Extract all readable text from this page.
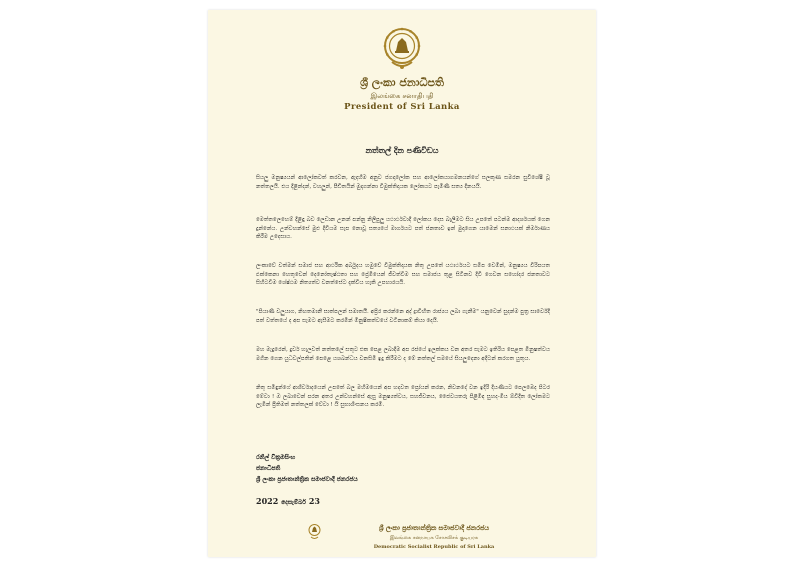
ශ්‍රී ලංකා ජනාධිපති
இலங்கை சனாதிபதி
President of Sri Lanka
නත්තල් දින පණිවිඩය
සියලු මනුෂ්‍යයන් ආලෝකවත් කරවන, ඇදහීම අනුව ජගදාලෝක සහ ආලෝකයාගමනයන්ගේ සලකුණ සමරන සුවිශේෂී වූ නත්තලයි. එය දිළින්දන්, වහලුන්, පීඩිතයින් මුදාගන්නා විමුක්තිදායක ලෝකයට පැමිණි සත්‍ය දිනයයි.
මෙත්තලෙහෙම් දිළිඳු බව ලෙඩාන උනන් පන්නු නිලිපුලු යථාර්ථවාදී ලෝකය දෙස බැලීමට සිය උපතේ පටන්ම ආදර්ශයක් ගෙන දුන්නේය. උන්වහන්සේ මුළු දිවියම සැප නොවූ සත්‍යයේ මාර්ගයට පත් ජනතාව ඉන් මුදාගෙන යාමෙන් සනාථයක් නිර්මාණය කිරීම උදෙසාය.
ලංකාවේ වත්මන් සමාජ සහ ආර්ථික අර්බුදය හමුවේ විමුක්තිදායක නිතු උපතේ යථාර්ථයට සමීප වෙමින්, මනුෂ්‍යය විරිපයත ඵක්කෙනා හෙතුවෙන් දෙනෝතෑෂ්ඨතා සහ ප්‍රේමියෙන් ජීවත්වීම සහ සමාජය තුළ සිටිනව දිවි ගෙවන සහෝදර ජනතාවට සිහිටවීම ශේෂ්ඨම නිත්‍යත්ව වනත්සේට දැක්විය හැකි උපහාරයයි.
"පියාණි වලුයාග, නිහතමානී සාත්පලන් සමාතයී. අප්‍රිර කරන්නෙ අද් ද්‍රාවිහිත රාජ්‍යය ලබා ගැනීම" යනුවෙන් සුදන්ම පුත්‍ර සාර්වේදී පත් වත්තයේ ද අප සැමට ඇසීමට කරමින් මිනුෂිකත්වයේ වටිනාකම් කියා දෙයි.
මහ මැදුරෙන්, දුර්ව හැලවත් නත්තලේ සතුට එක පෙළ ලබාදීම අප රජයේ ඉලක්කය වන අතර සැමට ඉතිරිය පෙළත මිනුෂත්වය මගින ගෙන යුධවල්පතින් පෙළෙ යශබන්ධය වනසිමි ඉදු කිරීමට ද මේ නත්තල් සමයේ සියලුදෙනා අදිටන් කරගත යුතුය.
නිතු සමිඳුන්ගේ ආශිර්වාදයෙන් උපතේ බල මහිමයෙන් අප හදවත ප්‍රෝයන් කරන, නිවනදේ වන ඉදිරි දියණියට පෙලඹෙද පිටර මේවා ! ඔ ලබාවෙන් පරන අතර උන්වහන්සේ ඇසු මනුෂ්‍යත්වය, සහජීවනය, ජෛවයතරු පිළිමිඳ සුහද-මිය ඕවිදිත ලෝකමට ලැමින් ප්‍රීතිමත් නත්තලක් වේවා ! යි සුභාශිංසනය කරමි.
රනිල් වික්‍රමසිංහ
ජනාධිපති
ශ්‍රී ලංකා ප්‍රජාතාන්ත්‍රික සමාජවාදී ජනරජය
2022 දෙසැම්බර් 23
ශ්‍රී ලංකා ප්‍රජාතාන්ත්‍රික සමාජවාදී ජනරජය
இலங்கை சனநாயக சோசலிசக் குடியரசு
Democratic Socialist Republic of Sri Lanka
